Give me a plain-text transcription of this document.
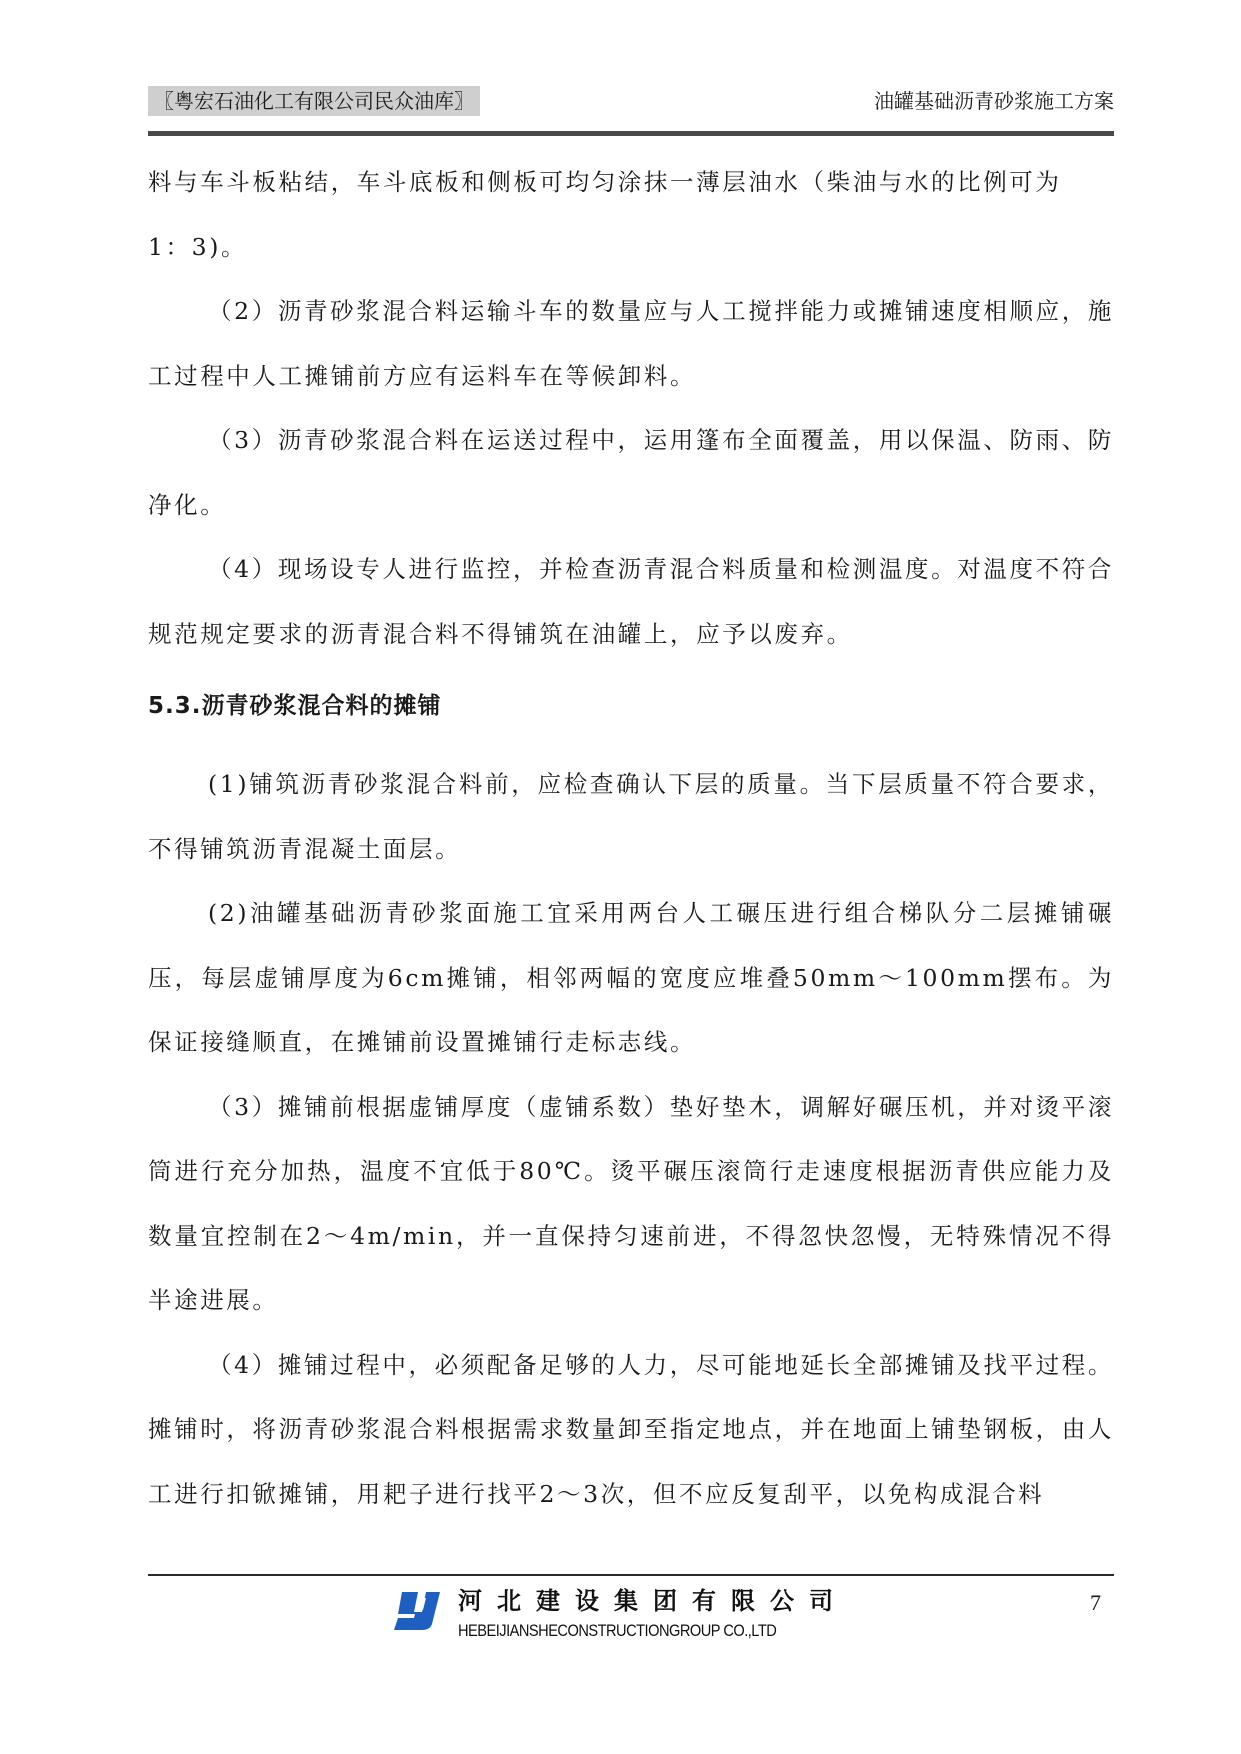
〖粤宏石油化工有限公司民众油库〗	油罐基础沥青砂浆施工方案

料与车斗板粘结，车斗底板和侧板可均匀涂抹一薄层油水（柴油与水的比例可为

1：3)。

（2）沥青砂浆混合料运输斗车的数量应与人工搅拌能力或摊铺速度相顺应，施工过程中人工摊铺前方应有运料车在等候卸料。

（3）沥青砂浆混合料在运送过程中，运用篷布全面覆盖，用以保温、防雨、防净化。

（4）现场设专人进行监控，并检查沥青混合料质量和检测温度。对温度不符合规范规定要求的沥青混合料不得铺筑在油罐上，应予以废弃。

5.3.沥青砂浆混合料的摊铺

(1)铺筑沥青砂浆混合料前，应检查确认下层的质量。当下层质量不符合要求，不得铺筑沥青混凝土面层。

(2)油罐基础沥青砂浆面施工宜采用两台人工碾压进行组合梯队分二层摊铺碾压，每层虚铺厚度为6cm摊铺，相邻两幅的宽度应堆叠50mm～100mm摆布。为保证接缝顺直，在摊铺前设置摊铺行走标志线。

（3）摊铺前根据虚铺厚度（虚铺系数）垫好垫木，调解好碾压机，并对烫平滚筒进行充分加热，温度不宜低于80℃。烫平碾压滚筒行走速度根据沥青供应能力及数量宜控制在2～4m/min，并一直保持匀速前进，不得忽快忽慢，无特殊情况不得半途进展。

（4）摊铺过程中，必须配备足够的人力，尽可能地延长全部摊铺及找平过程。摊铺时，将沥青砂浆混合料根据需求数量卸至指定地点，并在地面上铺垫钢板，由人工进行扣锨摊铺，用耙子进行找平2～3次，但不应反复刮平，以免构成混合料

河北建设集团有限公司
HEBEIJIANSHECONSTRUCTIONGROUP CO.,LTD
7
